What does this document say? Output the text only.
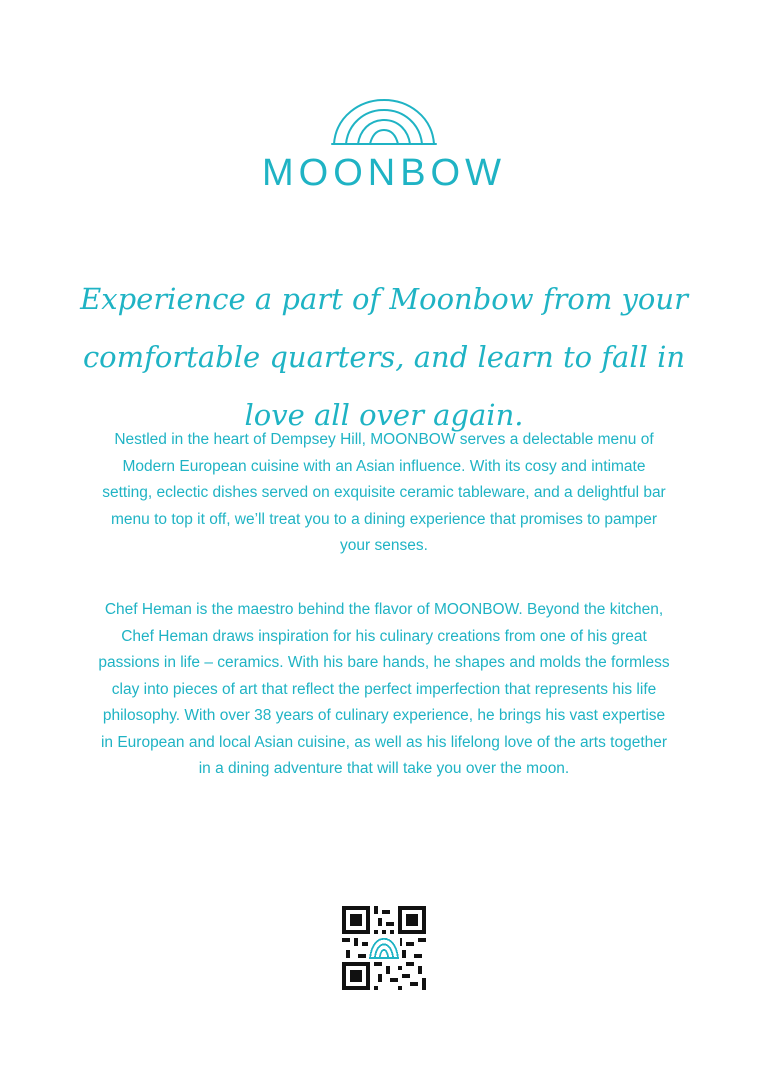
MOONBOW
Experience a part of Moonbow from your comfortable quarters, and learn to fall in love all over again.

Nestled in the heart of Dempsey Hill, MOONBOW serves a delectable menu of Modern European cuisine with an Asian influence. With its cosy and intimate setting, eclectic dishes served on exquisite ceramic tableware, and a delightful bar menu to top it off, we’ll treat you to a dining experience that promises to pamper your senses.

Chef Heman is the maestro behind the flavor of MOONBOW. Beyond the kitchen, Chef Heman draws inspiration for his culinary creations from one of his great passions in life – ceramics. With his bare hands, he shapes and molds the formless clay into pieces of art that reflect the perfect imperfection that represents his life philosophy. With over 38 years of culinary experience, he brings his vast expertise in European and local Asian cuisine, as well as his lifelong love of the arts together in a dining adventure that will take you over the moon.
